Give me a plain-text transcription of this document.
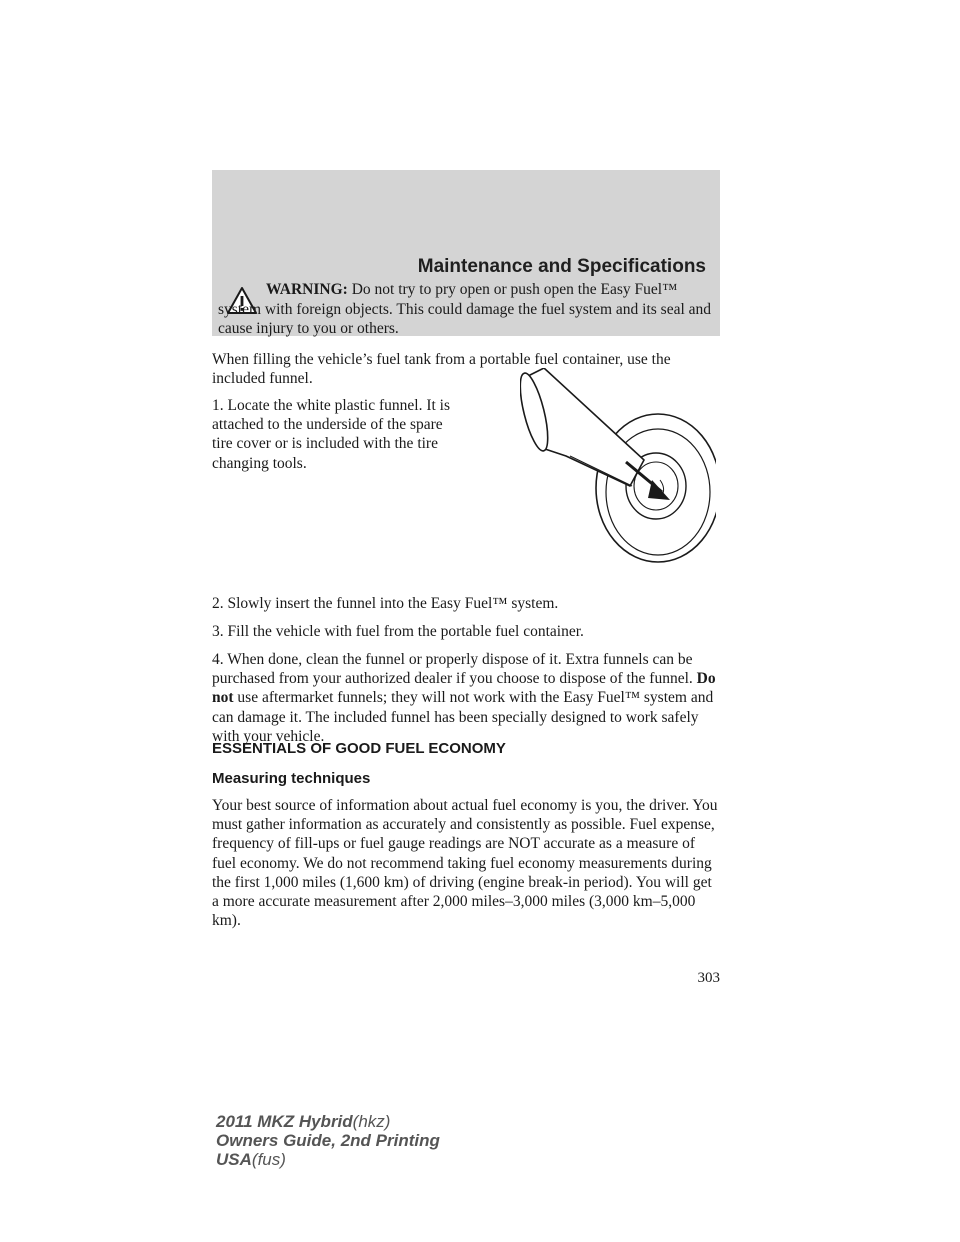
Maintenance and Specifications

WARNING: Do not try to pry open or push open the Easy Fuel™ system with foreign objects. This could damage the fuel system and its seal and cause injury to you or others.

When filling the vehicle’s fuel tank from a portable fuel container, use the included funnel.

1. Locate the white plastic funnel. It is attached to the underside of the spare tire cover or is included with the tire changing tools.

2. Slowly insert the funnel into the Easy Fuel™ system.

3. Fill the vehicle with fuel from the portable fuel container.

4. When done, clean the funnel or properly dispose of it. Extra funnels can be purchased from your authorized dealer if you choose to dispose of the funnel. Do not use aftermarket funnels; they will not work with the Easy Fuel™ system and can damage it. The included funnel has been specially designed to work safely with your vehicle.

ESSENTIALS OF GOOD FUEL ECONOMY
Measuring techniques

Your best source of information about actual fuel economy is you, the driver. You must gather information as accurately and consistently as possible. Fuel expense, frequency of fill-ups or fuel gauge readings are NOT accurate as a measure of fuel economy. We do not recommend taking fuel economy measurements during the first 1,000 miles (1,600 km) of driving (engine break-in period). You will get a more accurate measurement after 2,000 miles–3,000 miles (3,000 km–5,000 km).

303

2011 MKZ Hybrid(hkz)
Owners Guide, 2nd Printing
USA(fus)
